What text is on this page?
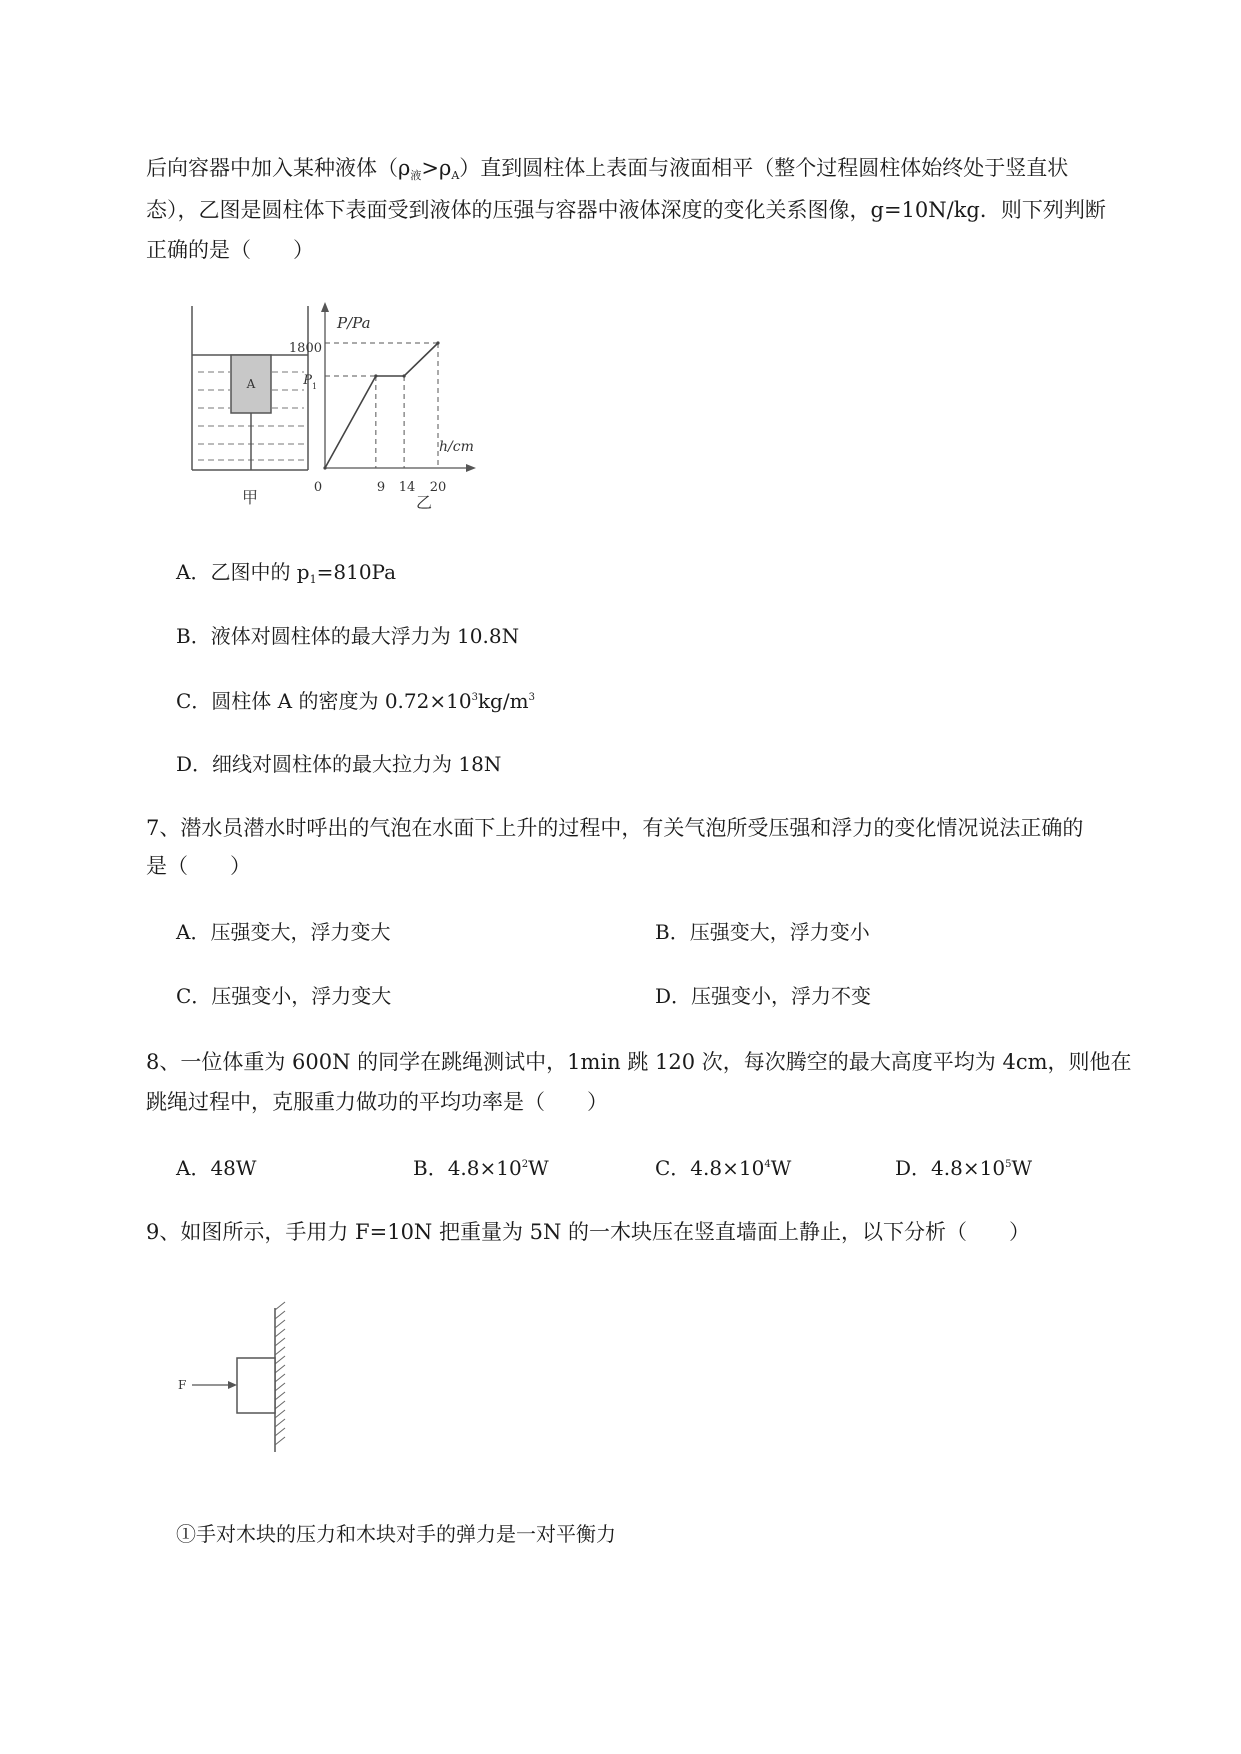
后向容器中加入某种液体$(\rho_液>\rho_A)$直到圆柱体上表面与液面相平（整个过程圆柱体始终处于竖直状
态），乙图是圆柱体下表面受到液体的压强与容器中液体深度的变化关系图像，g=10N/kg．则下列判断
正确的是（　　）
A
甲
P/Pa
h/cm
1800
P 1
0	9 14 20
乙
A．乙图中的 $p_1=810Pa$
B．液体对圆柱体的最大浮力为 10.8N
C．圆柱体 A 的密度为 $0.72\times 10^3kg/m^3$
D．细线对圆柱体的最大拉力为 18N
7、潜水员潜水时呼出的气泡在水面下上升的过程中，有关气泡所受压强和浮力的变化情况说法正确的
是（　　）
A．压强变大，浮力变大	B．压强变大，浮力变小
C．压强变小，浮力变大	D．压强变小，浮力不变
8、一位体重为 600N 的同学在跳绳测试中，1min 跳 120 次，每次腾空的最大高度平均为 4cm，则他在
跳绳过程中，克服重力做功的平均功率是（　　）
A．48W	B．$4.8\times 10^2W$	C．$4.8\times 10^4W$	D．$4.8\times 10^5W$
9、如图所示，手用力 F=10N 把重量为 5N 的一木块压在竖直墙面上静止，以下分析（　　）
F
①手对木块的压力和木块对手的弹力是一对平衡力
